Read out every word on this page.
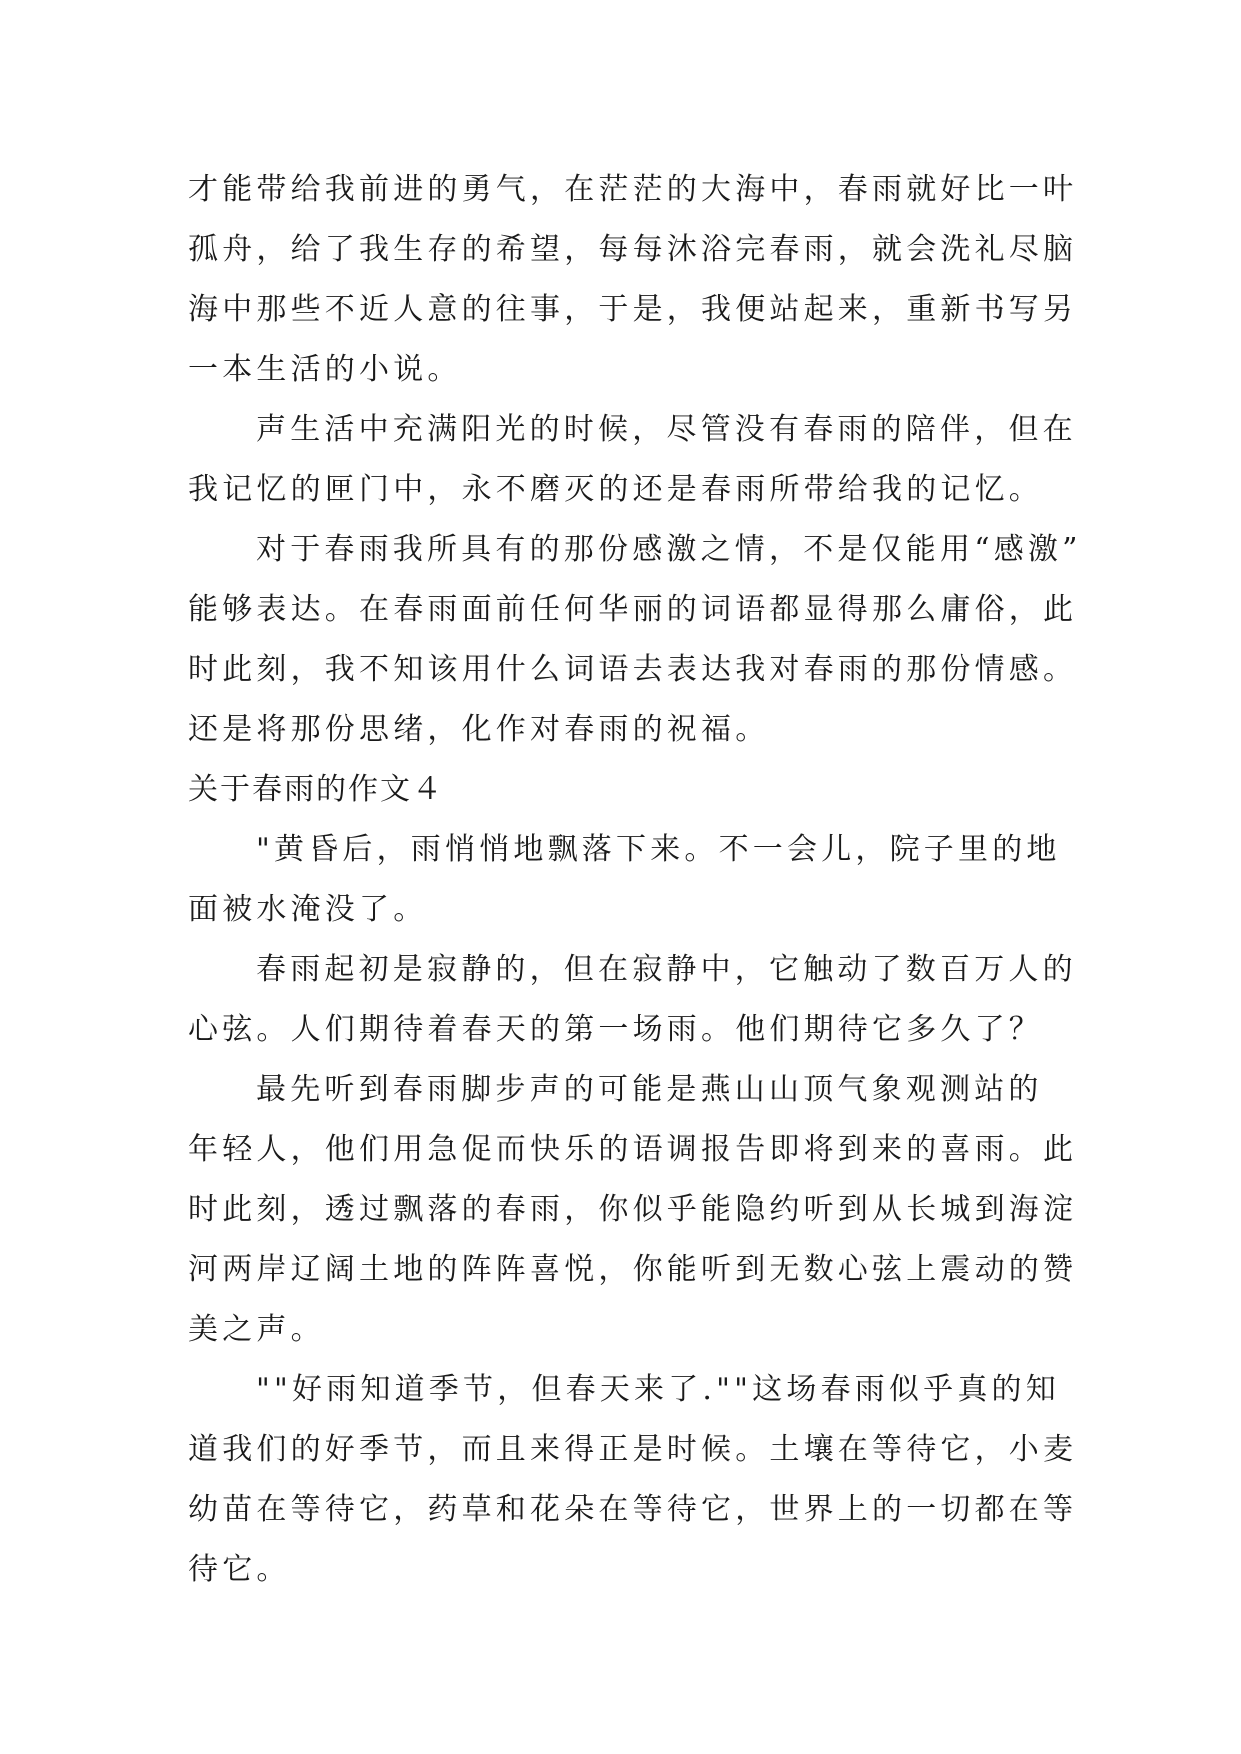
才能带给我前进的勇气，在茫茫的大海中，春雨就好比一叶
孤舟，给了我生存的希望，每每沐浴完春雨，就会洗礼尽脑
海中那些不近人意的往事，于是，我便站起来，重新书写另
一本生活的小说。
声生活中充满阳光的时候，尽管没有春雨的陪伴，但在
我记忆的匣门中，永不磨灭的还是春雨所带给我的记忆。
对于春雨我所具有的那份感激之情，不是仅能用“感激”
能够表达。在春雨面前任何华丽的词语都显得那么庸俗，此
时此刻，我不知该用什么词语去表达我对春雨的那份情感。
还是将那份思绪，化作对春雨的祝福。
关于春雨的作文４
"黄昏后，雨悄悄地飘落下来。不一会儿，院子里的地
面被水淹没了。
春雨起初是寂静的，但在寂静中，它触动了数百万人的
心弦。人们期待着春天的第一场雨。他们期待它多久了？
最先听到春雨脚步声的可能是燕山山顶气象观测站的
年轻人，他们用急促而快乐的语调报告即将到来的喜雨。此
时此刻，透过飘落的春雨，你似乎能隐约听到从长城到海淀
河两岸辽阔土地的阵阵喜悦，你能听到无数心弦上震动的赞
美之声。
""好雨知道季节，但春天来了.""这场春雨似乎真的知
道我们的好季节，而且来得正是时候。土壤在等待它，小麦
幼苗在等待它，药草和花朵在等待它，世界上的一切都在等
待它。
